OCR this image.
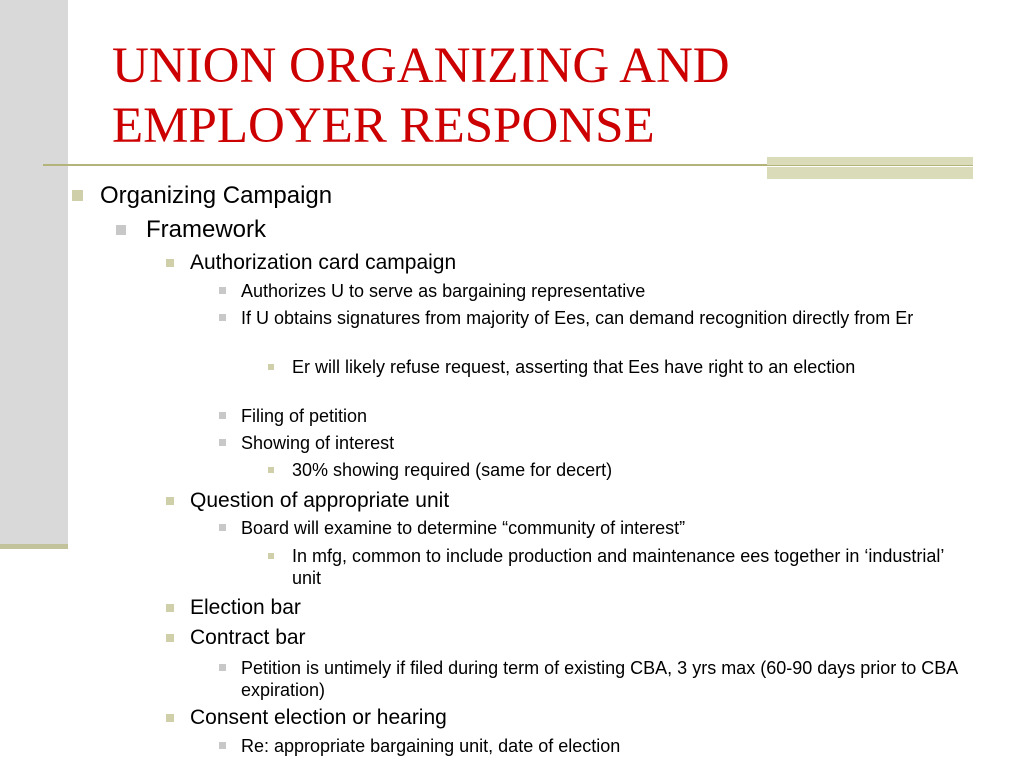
UNION ORGANIZING AND
EMPLOYER RESPONSE
Organizing Campaign
Framework
Authorization card campaign
Authorizes U to serve as bargaining representative
If U obtains signatures from majority of Ees, can demand recognition directly from Er
Er will likely refuse request, asserting that Ees have right to an election
Filing of petition
Showing of interest
30% showing required (same for decert)
Question of appropriate unit
Board will examine to determine “community of interest”
In mfg, common to include production and maintenance ees together in ‘industrial’ unit
Election bar
Contract bar
Petition is untimely if filed during term of existing CBA, 3 yrs max (60-90 days prior to CBA expiration)
Consent election or hearing
Re: appropriate bargaining unit, date of election
